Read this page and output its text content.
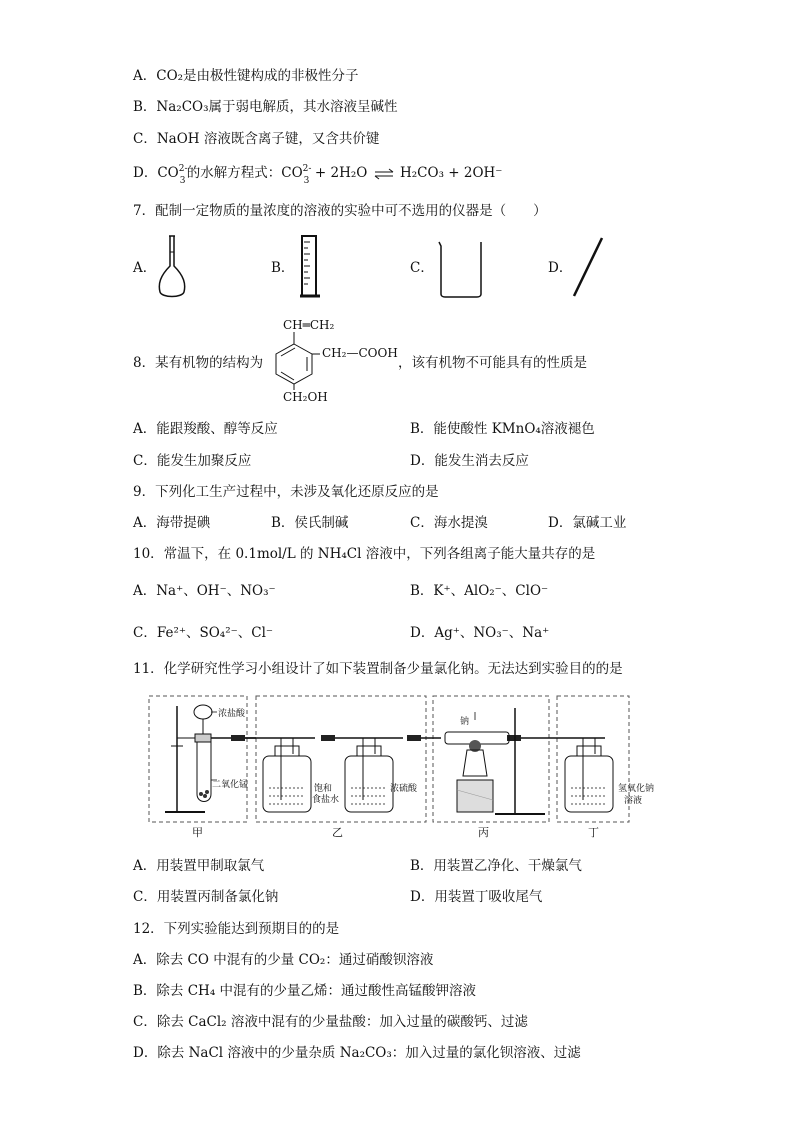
A．CO₂是由极性键构成的非极性分子
B．Na₂CO₃属于弱电解质，其水溶液呈碱性
C．NaOH 溶液既含离子键，又含共价键
D．CO 2-
3 的水解方程式：CO 2-
3 + 2H₂O ⇌ H₂CO₃ + 2OH⁻
7．配制一定物质的量浓度的溶液的实验中可不选用的仪器是（　　）
A．	B．	C．	D．
8．某有机物的结构为
CH═CH₂
CH₂—COOH
CH₂OH
，该有机物不可能具有的性质是
A．能跟羧酸、醇等反应	B．能使酸性 KMnO₄溶液褪色
C．能发生加聚反应	D．能发生消去反应
9．下列化工生产过程中，未涉及氧化还原反应的是
A．海带提碘	B．侯氏制碱	C．海水提溴	D．氯碱工业
10．常温下，在 0.1mol/L 的 NH₄Cl 溶液中，下列各组离子能大量共存的是
A．Na⁺、OH⁻、NO₃⁻	B．K⁺、AlO₂⁻、ClO⁻
C．Fe²⁺、SO₄²⁻、Cl⁻	D．Ag⁺、NO₃⁻、Na⁺
11．化学研究性学习小组设计了如下装置制备少量氯化钠。无法达到实验目的的是
浓盐酸
二氧化锰	饱和
食盐水
浓硫酸
钠
氢氧化钠
溶液
甲	乙	丙	丁
A．用装置甲制取氯气	B．用装置乙净化、干燥氯气
C．用装置丙制备氯化钠	D．用装置丁吸收尾气
12．下列实验能达到预期目的的是
A．除去 CO 中混有的少量 CO₂：通过硝酸钡溶液
B．除去 CH₄ 中混有的少量乙烯：通过酸性高锰酸钾溶液
C．除去 CaCl₂ 溶液中混有的少量盐酸：加入过量的碳酸钙、过滤
D．除去 NaCl 溶液中的少量杂质 Na₂CO₃：加入过量的氯化钡溶液、过滤
